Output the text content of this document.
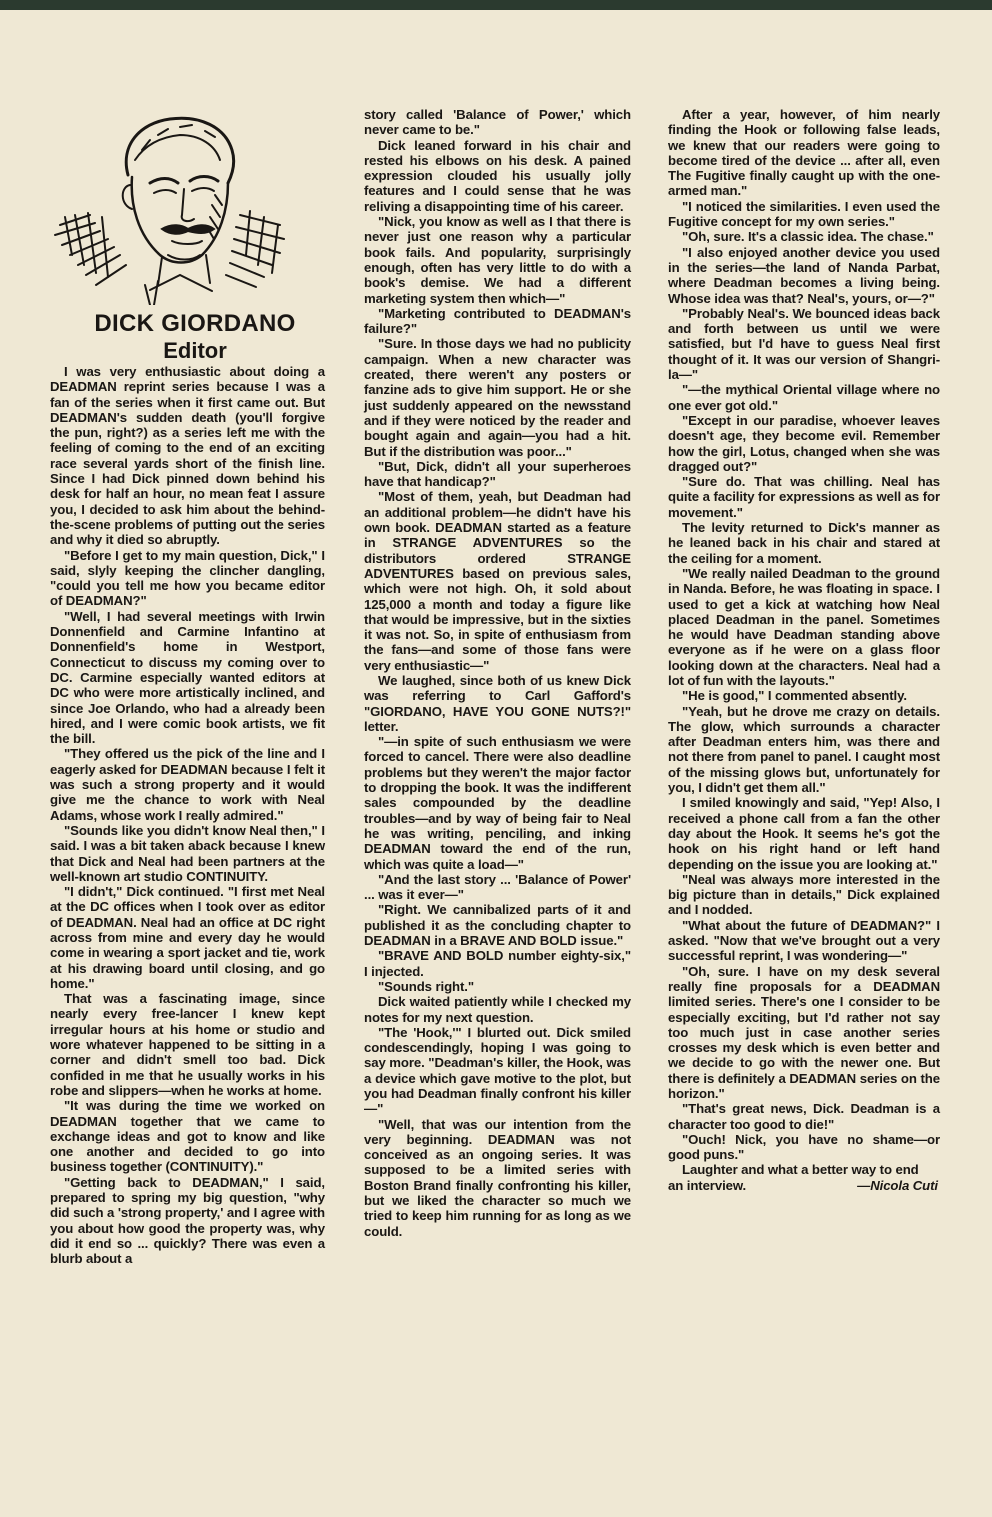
DICK GIORDANO
Editor

I was very enthusiastic about doing a DEADMAN reprint series because I was a fan of the series when it first came out. But DEADMAN's sudden death (you'll forgive the pun, right?) as a series left me with the feeling of coming to the end of an exciting race several yards short of the finish line. Since I had Dick pinned down behind his desk for half an hour, no mean feat I assure you, I decided to ask him about the behind-the-scene problems of putting out the series and why it died so abruptly.

"Before I get to my main question, Dick," I said, slyly keeping the clincher dangling, "could you tell me how you became editor of DEADMAN?"

"Well, I had several meetings with Irwin Donnenfield and Carmine Infantino at Donnenfield's home in Westport, Connecticut to discuss my coming over to DC. Carmine especially wanted editors at DC who were more artistically inclined, and since Joe Orlando, who had a already been hired, and I were comic book artists, we fit the bill.

"They offered us the pick of the line and I eagerly asked for DEADMAN because I felt it was such a strong property and it would give me the chance to work with Neal Adams, whose work I really admired."

"Sounds like you didn't know Neal then," I said. I was a bit taken aback because I knew that Dick and Neal had been partners at the well-known art studio CONTINUITY.

"I didn't," Dick continued. "I first met Neal at the DC offices when I took over as editor of DEADMAN. Neal had an office at DC right across from mine and every day he would come in wearing a sport jacket and tie, work at his drawing board until closing, and go home."

That was a fascinating image, since nearly every free-lancer I knew kept irregular hours at his home or studio and wore whatever happened to be sitting in a corner and didn't smell too bad. Dick confided in me that he usually works in his robe and slippers—when he works at home.

"It was during the time we worked on DEADMAN together that we came to exchange ideas and got to know and like one another and decided to go into business together (CONTINUITY)."

"Getting back to DEADMAN," I said, prepared to spring my big question, "why did such a 'strong property,' and I agree with you about how good the property was, why did it end so ... quickly? There was even a blurb about a

story called 'Balance of Power,' which never came to be."

Dick leaned forward in his chair and rested his elbows on his desk. A pained expression clouded his usually jolly features and I could sense that he was reliving a disappointing time of his career.

"Nick, you know as well as I that there is never just one reason why a particular book fails. And popularity, surprisingly enough, often has very little to do with a book's demise. We had a different marketing system then which—"

"Marketing contributed to DEADMAN's failure?"

"Sure. In those days we had no publicity campaign. When a new character was created, there weren't any posters or fanzine ads to give him support. He or she just suddenly appeared on the newsstand and if they were noticed by the reader and bought again and again—you had a hit. But if the distribution was poor..."

"But, Dick, didn't all your superheroes have that handicap?"

"Most of them, yeah, but Deadman had an additional problem—he didn't have his own book. DEADMAN started as a feature in STRANGE ADVENTURES so the distributors ordered STRANGE ADVENTURES based on previous sales, which were not high. Oh, it sold about 125,000 a month and today a figure like that would be impressive, but in the sixties it was not. So, in spite of enthusiasm from the fans—and some of those fans were very enthusiastic—"

We laughed, since both of us knew Dick was referring to Carl Gafford's "GIORDANO, HAVE YOU GONE NUTS?!" letter.

"—in spite of such enthusiasm we were forced to cancel. There were also deadline problems but they weren't the major factor to dropping the book. It was the indifferent sales compounded by the deadline troubles—and by way of being fair to Neal he was writing, penciling, and inking DEADMAN toward the end of the run, which was quite a load—"

"And the last story ... 'Balance of Power' ... was it ever—"

"Right. We cannibalized parts of it and published it as the concluding chapter to DEADMAN in a BRAVE AND BOLD issue."

"BRAVE AND BOLD number eighty-six," I injected.

"Sounds right."

Dick waited patiently while I checked my notes for my next question.

"The 'Hook,'" I blurted out. Dick smiled condescendingly, hoping I was going to say more. "Deadman's killer, the Hook, was a device which gave motive to the plot, but you had Deadman finally confront his killer—"

"Well, that was our intention from the very beginning. DEADMAN was not conceived as an ongoing series. It was supposed to be a limited series with Boston Brand finally confronting his killer, but we liked the character so much we tried to keep him running for as long as we could.

After a year, however, of him nearly finding the Hook or following false leads, we knew that our readers were going to become tired of the device ... after all, even The Fugitive finally caught up with the one-armed man."

"I noticed the similarities. I even used the Fugitive concept for my own series."

"Oh, sure. It's a classic idea. The chase."

"I also enjoyed another device you used in the series—the land of Nanda Parbat, where Deadman becomes a living being. Whose idea was that? Neal's, yours, or—?"

"Probably Neal's. We bounced ideas back and forth between us until we were satisfied, but I'd have to guess Neal first thought of it. It was our version of Shangri-la—"

"—the mythical Oriental village where no one ever got old."

"Except in our paradise, whoever leaves doesn't age, they become evil. Remember how the girl, Lotus, changed when she was dragged out?"

"Sure do. That was chilling. Neal has quite a facility for expressions as well as for movement."

The levity returned to Dick's manner as he leaned back in his chair and stared at the ceiling for a moment.

"We really nailed Deadman to the ground in Nanda. Before, he was floating in space. I used to get a kick at watching how Neal placed Deadman in the panel. Sometimes he would have Deadman standing above everyone as if he were on a glass floor looking down at the characters. Neal had a lot of fun with the layouts."

"He is good," I commented absently.

"Yeah, but he drove me crazy on details. The glow, which surrounds a character after Deadman enters him, was there and not there from panel to panel. I caught most of the missing glows but, unfortunately for you, I didn't get them all."

I smiled knowingly and said, "Yep! Also, I received a phone call from a fan the other day about the Hook. It seems he's got the hook on his right hand or left hand depending on the issue you are looking at."

"Neal was always more interested in the big picture than in details," Dick explained and I nodded.

"What about the future of DEADMAN?" I asked. "Now that we've brought out a very successful reprint, I was wondering—"

"Oh, sure. I have on my desk several really fine proposals for a DEADMAN limited series. There's one I consider to be especially exciting, but I'd rather not say too much just in case another series crosses my desk which is even better and we decide to go with the newer one. But there is definitely a DEADMAN series on the horizon."

"That's great news, Dick. Deadman is a character too good to die!"

"Ouch! Nick, you have no shame—or good puns."

Laughter and what a better way to end

an interview.	—Nicola Cuti
